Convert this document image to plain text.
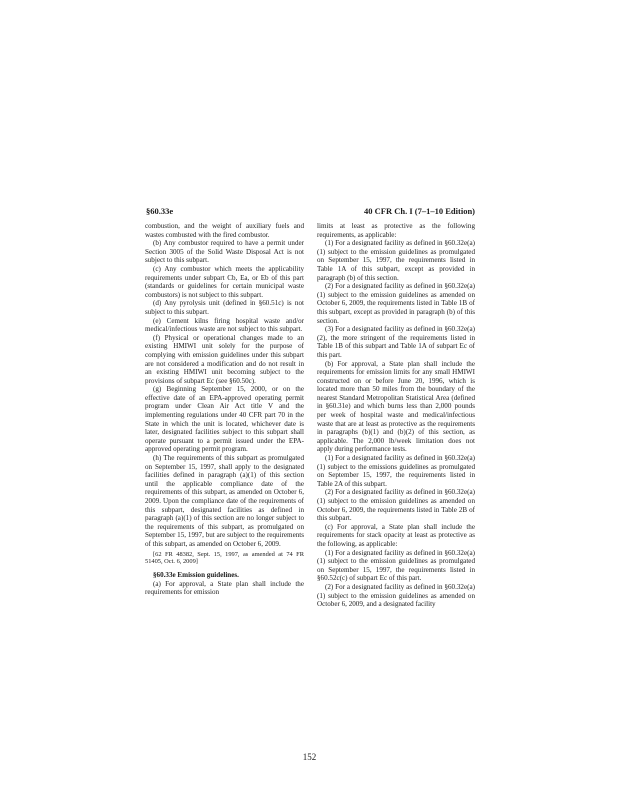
§60.33e	40 CFR Ch. I (7–1–10 Edition)

combustion, and the weight of auxiliary fuels and wastes combusted with the fired combustor.

(b) Any combustor required to have a permit under Section 3005 of the Solid Waste Disposal Act is not subject to this subpart.

(c) Any combustor which meets the applicability requirements under subpart Cb, Ea, or Eb of this part (standards or guidelines for certain municipal waste combustors) is not subject to this subpart.

(d) Any pyrolysis unit (defined in §60.51c) is not subject to this subpart.

(e) Cement kilns firing hospital waste and/or medical/infectious waste are not subject to this subpart.

(f) Physical or operational changes made to an existing HMIWI unit solely for the purpose of complying with emission guidelines under this subpart are not considered a modification and do not result in an existing HMIWI unit becoming subject to the provisions of subpart Ec (see §60.50c).

(g) Beginning September 15, 2000, or on the effective date of an EPA-approved operating permit program under Clean Air Act title V and the implementing regulations under 40 CFR part 70 in the State in which the unit is located, whichever date is later, designated facilities subject to this subpart shall operate pursuant to a permit issued under the EPA-approved operating permit program.

(h) The requirements of this subpart as promulgated on September 15, 1997, shall apply to the designated facilities defined in paragraph (a)(1) of this section until the applicable compliance date of the requirements of this subpart, as amended on October 6, 2009. Upon the compliance date of the requirements of this subpart, designated facilities as defined in paragraph (a)(1) of this section are no longer subject to the requirements of this subpart, as promulgated on September 15, 1997, but are subject to the requirements of this subpart, as amended on October 6, 2009.

[62 FR 48382, Sept. 15, 1997, as amended at 74 FR 51405, Oct. 6, 2009]

§60.33e Emission guidelines.

(a) For approval, a State plan shall include the requirements for emission

limits at least as protective as the following requirements, as applicable:

(1) For a designated facility as defined in §60.32e(a)(1) subject to the emission guidelines as promulgated on September 15, 1997, the requirements listed in Table 1A of this subpart, except as provided in paragraph (b) of this section.

(2) For a designated facility as defined in §60.32e(a)(1) subject to the emission guidelines as amended on October 6, 2009, the requirements listed in Table 1B of this subpart, except as provided in paragraph (b) of this section.

(3) For a designated facility as defined in §60.32e(a)(2), the more stringent of the requirements listed in Table 1B of this subpart and Table 1A of subpart Ec of this part.

(b) For approval, a State plan shall include the requirements for emission limits for any small HMIWI constructed on or before June 20, 1996, which is located more than 50 miles from the boundary of the nearest Standard Metropolitan Statistical Area (defined in §60.31e) and which burns less than 2,000 pounds per week of hospital waste and medical/infectious waste that are at least as protective as the requirements in paragraphs (b)(1) and (b)(2) of this section, as applicable. The 2,000 lb/week limitation does not apply during performance tests.

(1) For a designated facility as defined in §60.32e(a)(1) subject to the emissions guidelines as promulgated on September 15, 1997, the requirements listed in Table 2A of this subpart.

(2) For a designated facility as defined in §60.32e(a)(1) subject to the emission guidelines as amended on October 6, 2009, the requirements listed in Table 2B of this subpart.

(c) For approval, a State plan shall include the requirements for stack opacity at least as protective as the following, as applicable:

(1) For a designated facility as defined in §60.32e(a)(1) subject to the emission guidelines as promulgated on September 15, 1997, the requirements listed in §60.52c(c) of subpart Ec of this part.

(2) For a designated facility as defined in §60.32e(a)(1) subject to the emission guidelines as amended on October 6, 2009, and a designated facility

152
